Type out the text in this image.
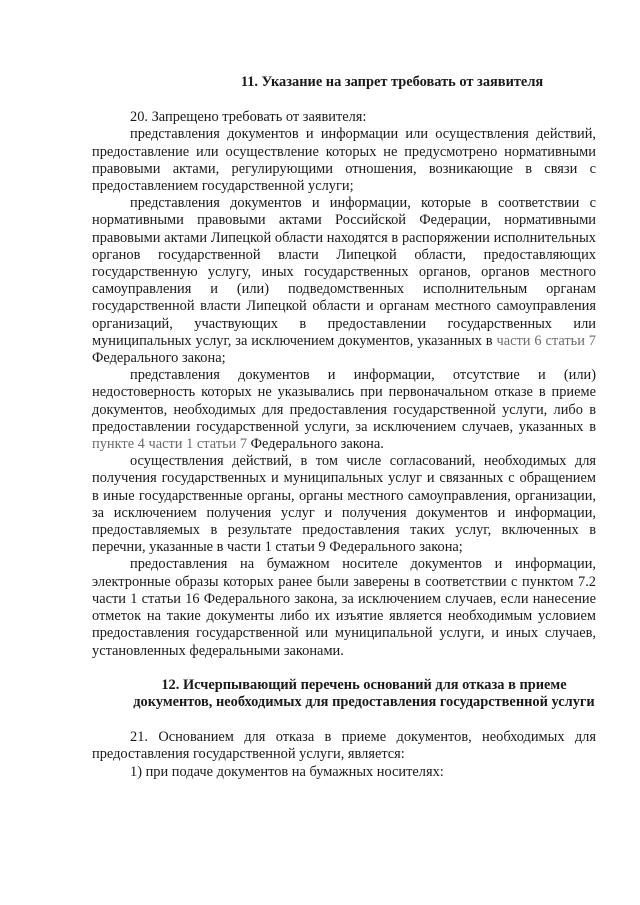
11. Указание на запрет требовать от заявителя

20. Запрещено требовать от заявителя:

представления документов и информации или осуществления действий, предоставление или осуществление которых не предусмотрено нормативными правовыми актами, регулирующими отношения, возникающие в связи с предоставлением государственной услуги;

представления документов и информации, которые в соответствии с нормативными правовыми актами Российской Федерации, нормативными правовыми актами Липецкой области находятся в распоряжении исполнительных органов государственной власти Липецкой области, предоставляющих государственную услугу, иных государственных органов, органов местного самоуправления и (или) подведомственных исполнительным органам государственной власти Липецкой области и органам местного самоуправления организаций, участвующих в предоставлении государственных или муниципальных услуг, за исключением документов, указанных в части 6 статьи 7 Федерального закона;

представления документов и информации, отсутствие и (или) недостоверность которых не указывались при первоначальном отказе в приеме документов, необходимых для предоставления государственной услуги, либо в предоставлении государственной услуги, за исключением случаев, указанных в пункте 4 части 1 статьи 7 Федерального закона.

осуществления действий, в том числе согласований, необходимых для получения государственных и муниципальных услуг и связанных с обращением в иные государственные органы, органы местного самоуправления, организации, за исключением получения услуг и получения документов и информации, предоставляемых в результате предоставления таких услуг, включенных в перечни, указанные в части 1 статьи 9 Федерального закона;

предоставления на бумажном носителе документов и информации, электронные образы которых ранее были заверены в соответствии с пунктом 7.2 части 1 статьи 16 Федерального закона, за исключением случаев, если нанесение отметок на такие документы либо их изъятие является необходимым условием предоставления государственной или муниципальной услуги, и иных случаев, установленных федеральными законами.

12. Исчерпывающий перечень оснований для отказа в приеме документов, необходимых для предоставления государственной услуги

21. Основанием для отказа в приеме документов, необходимых для предоставления государственной услуги, является:

1) при подаче документов на бумажных носителях:
